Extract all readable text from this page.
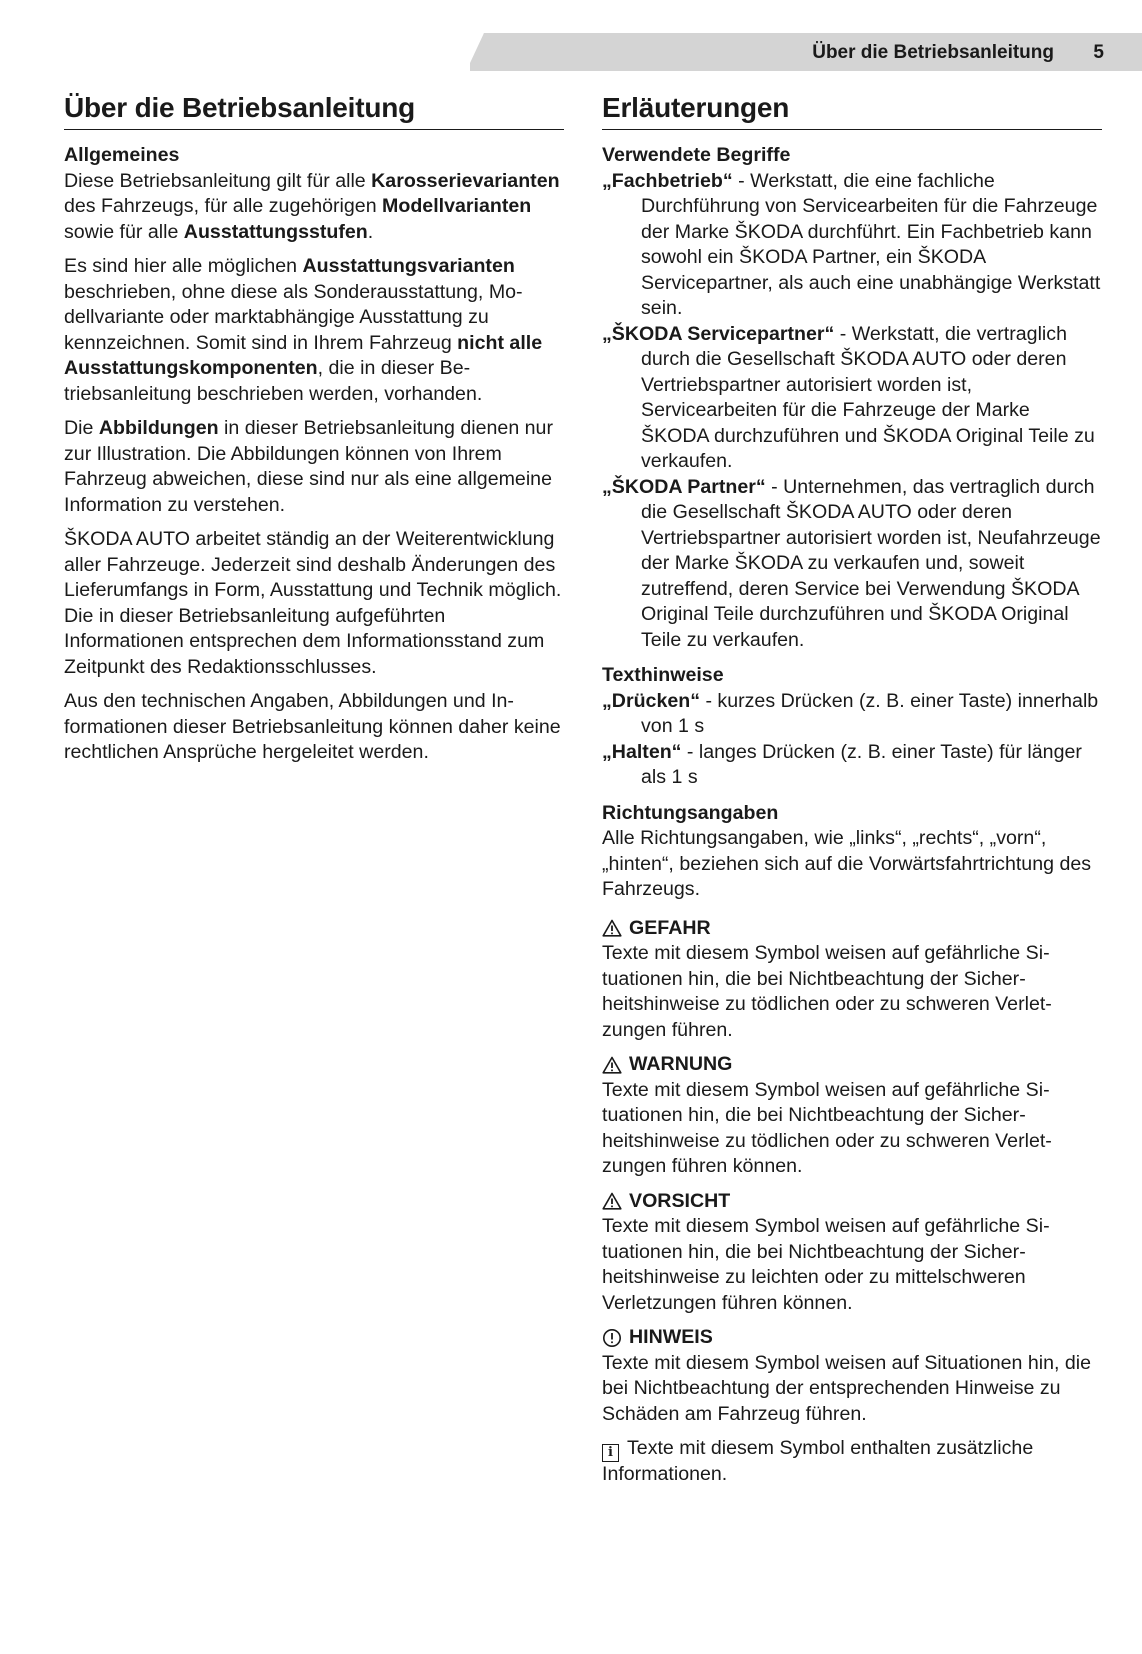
Über die Betriebsanleitung 5
Über die Betriebsanleitung
Allgemeines

Diese Betriebsanleitung gilt für alle Karosserievarianten des Fahrzeugs, für alle zugehörigen Modellvarianten sowie für alle Ausstattungsstufen.

Es sind hier alle möglichen Ausstattungsvarianten beschrieben, ohne diese als Sonderausstattung, Modellvariante oder marktabhängige Ausstattung zu kennzeichnen. Somit sind in Ihrem Fahrzeug nicht alle Ausstattungskomponenten, die in dieser Betriebsanleitung beschrieben werden, vorhanden.

Die Abbildungen in dieser Betriebsanleitung dienen nur zur Illustration. Die Abbildungen können von Ihrem Fahrzeug abweichen, diese sind nur als eine allgemeine Information zu verstehen.

ŠKODA AUTO arbeitet ständig an der Weiterentwicklung aller Fahrzeuge. Jederzeit sind deshalb Änderungen des Lieferumfangs in Form, Ausstattung und Technik möglich. Die in dieser Betriebsanleitung aufgeführten Informationen entsprechen dem Informationsstand zum Zeitpunkt des Redaktionsschlusses.

Aus den technischen Angaben, Abbildungen und Informationen dieser Betriebsanleitung können daher keine rechtlichen Ansprüche hergeleitet werden.

Erläuterungen
Verwendete Begriffe
„Fachbetrieb“ - Werkstatt, die eine fachliche Durchführung von Servicearbeiten für die Fahrzeuge der Marke ŠKODA durchführt. Ein Fachbetrieb kann sowohl ein ŠKODA Partner, ein ŠKODA Servicepartner, als auch eine unabhängige Werkstatt sein.
„ŠKODA Servicepartner“ - Werkstatt, die vertraglich durch die Gesellschaft ŠKODA AUTO oder deren Vertriebspartner autorisiert worden ist, Servicearbeiten für die Fahrzeuge der Marke ŠKODA durchzuführen und ŠKODA Original Teile zu verkaufen.
„ŠKODA Partner“ - Unternehmen, das vertraglich durch die Gesellschaft ŠKODA AUTO oder deren Vertriebspartner autorisiert worden ist, Neufahrzeuge der Marke ŠKODA zu verkaufen und, soweit zutreffend, deren Service bei Verwendung ŠKODA Original Teile durchzuführen und ŠKODA Original Teile zu verkaufen.
Texthinweise
„Drücken“ - kurzes Drücken (z. B. einer Taste) innerhalb von 1 s
„Halten“ - langes Drücken (z. B. einer Taste) für länger als 1 s
Richtungsangaben

Alle Richtungsangaben, wie „links“, „rechts“, „vorn“, „hinten“, beziehen sich auf die Vorwärtsfahrtrichtung des Fahrzeugs.

GEFAHR
Texte mit diesem Symbol weisen auf gefährliche Situationen hin, die bei Nichtbeachtung der Sicherheitshinweise zu tödlichen oder zu schweren Verletzungen führen.
WARNUNG
Texte mit diesem Symbol weisen auf gefährliche Situationen hin, die bei Nichtbeachtung der Sicherheitshinweise zu tödlichen oder zu schweren Verletzungen führen können.
VORSICHT
Texte mit diesem Symbol weisen auf gefährliche Situationen hin, die bei Nichtbeachtung der Sicherheitshinweise zu leichten oder zu mittelschweren Verletzungen führen können.
HINWEIS
Texte mit diesem Symbol weisen auf Situationen hin, die bei Nichtbeachtung der entsprechenden Hinweise zu Schäden am Fahrzeug führen.
i Texte mit diesem Symbol enthalten zusätzliche Informationen.
